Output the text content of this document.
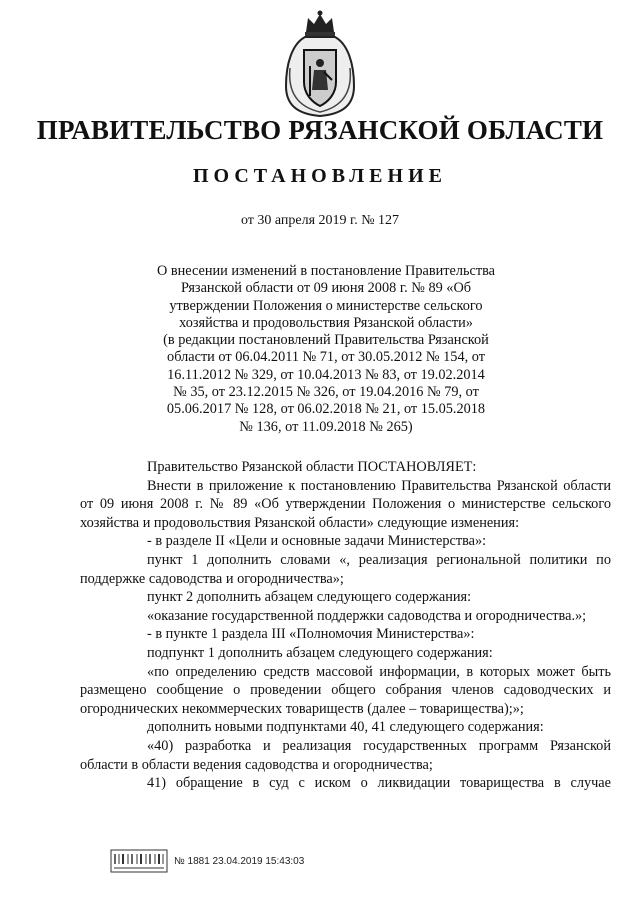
ПРАВИТЕЛЬСТВО РЯЗАНСКОЙ ОБЛАСТИ
ПОСТАНОВЛЕНИЕ
от 30 апреля 2019 г. № 127
О внесении изменений в постановление Правительства
Рязанской области от 09 июня 2008 г. № 89 «Об
утверждении Положения о министерстве сельского
хозяйства и продовольствия Рязанской области»
(в редакции постановлений Правительства Рязанской
области от 06.04.2011 № 71, от 30.05.2012 № 154, от
16.11.2012 № 329, от 10.04.2013 № 83, от 19.02.2014
№ 35, от 23.12.2015 № 326, от 19.04.2016 № 79, от
05.06.2017 № 128, от 06.02.2018 № 21, от 15.05.2018
№ 136, от 11.09.2018 № 265)

Правительство Рязанской области ПОСТАНОВЛЯЕТ:

Внести в приложение к постановлению Правительства Рязанской области от 09 июня 2008 г. № 89 «Об утверждении Положения о министерстве сельского хозяйства и продовольствия Рязанской области» следующие изменения:

- в разделе II «Цели и основные задачи Министерства»:

пункт 1 дополнить словами «, реализация региональной политики по поддержке садоводства и огородничества»;

пункт 2 дополнить абзацем следующего содержания:

«оказание государственной поддержки садоводства и огородничества.»;

- в пункте 1 раздела III «Полномочия Министерства»:

подпункт 1 дополнить абзацем следующего содержания:

«по определению средств массовой информации, в которых может быть размещено сообщение о проведении общего собрания членов садоводческих и огороднических некоммерческих товариществ (далее – товарищества);»;

дополнить новыми подпунктами 40, 41 следующего содержания:

«40) разработка и реализация государственных программ Рязанской области в области ведения садоводства и огородничества;

41) обращение в суд с иском о ликвидации товарищества в случае

№ 1881 23.04.2019 15:43:03
